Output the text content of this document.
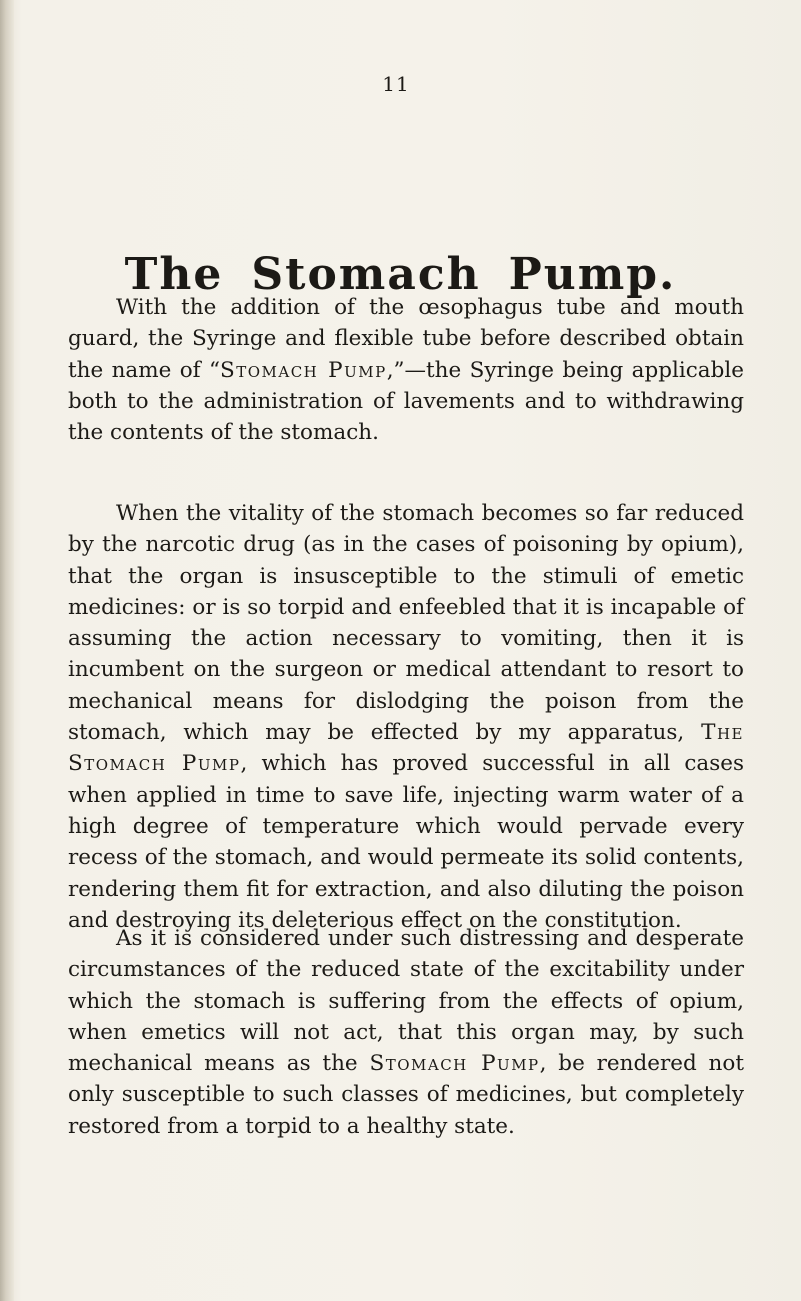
11
The Stomach Pump.

With the addition of the œsophagus tube and mouth guard, the Syringe and flexible tube before described obtain the name of “Stomach Pump,”—the Syringe being applicable both to the administration of lavements and to withdrawing the contents of the stomach.

When the vitality of the stomach becomes so far reduced by the narcotic drug (as in the cases of poisoning by opium), that the organ is insusceptible to the stimuli of emetic medicines: or is so torpid and enfeebled that it is incapable of assuming the action necessary to vomiting, then it is incumbent on the surgeon or medical attendant to resort to mechanical means for dislodging the poison from the stomach, which may be effected by my apparatus, The Stomach Pump, which has proved successful in all cases when applied in time to save life, injecting warm water of a high degree of temperature which would pervade every recess of the stomach, and would permeate its solid contents, rendering them fit for extraction, and also diluting the poison and destroying its deleterious effect on the constitution.

As it is considered under such distressing and desperate circumstances of the reduced state of the excitability under which the stomach is suffering from the effects of opium, when emetics will not act, that this organ may, by such mechanical means as the Stomach Pump, be rendered not only susceptible to such classes of medicines, but completely restored from a torpid to a healthy state.
